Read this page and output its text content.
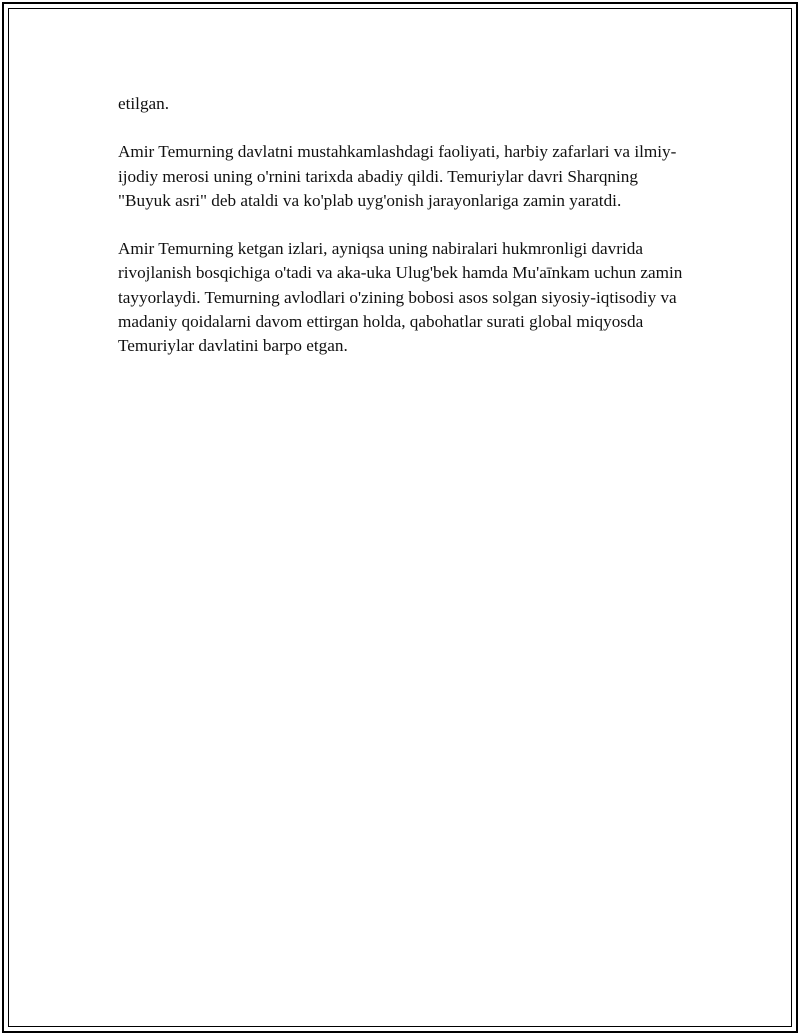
etilgan.

Amir Temurning davlatni mustahkamlashdagi faoliyati, harbiy zafarlari va ilmiy-ijodiy merosi uning o'rnini tarixda abadiy qildi. Temuriylar davri Sharqning "Buyuk asri" deb ataldi va ko'plab uyg'onish jarayonlariga zamin yaratdi.

Amir Temurning ketgan izlari, ayniqsa uning nabiralari hukmronligi davrida rivojlanish bosqichiga o'tadi va aka-uka Ulug'bek hamda Mu'aīnkam uchun zamin tayyorlaydi. Temurning avlodlari o'zining bobosi asos solgan siyosiy-iqtisodiy va madaniy qoidalarni davom ettirgan holda, qabohatlar surati global miqyosda Temuriylar davlatini barpo etgan.
